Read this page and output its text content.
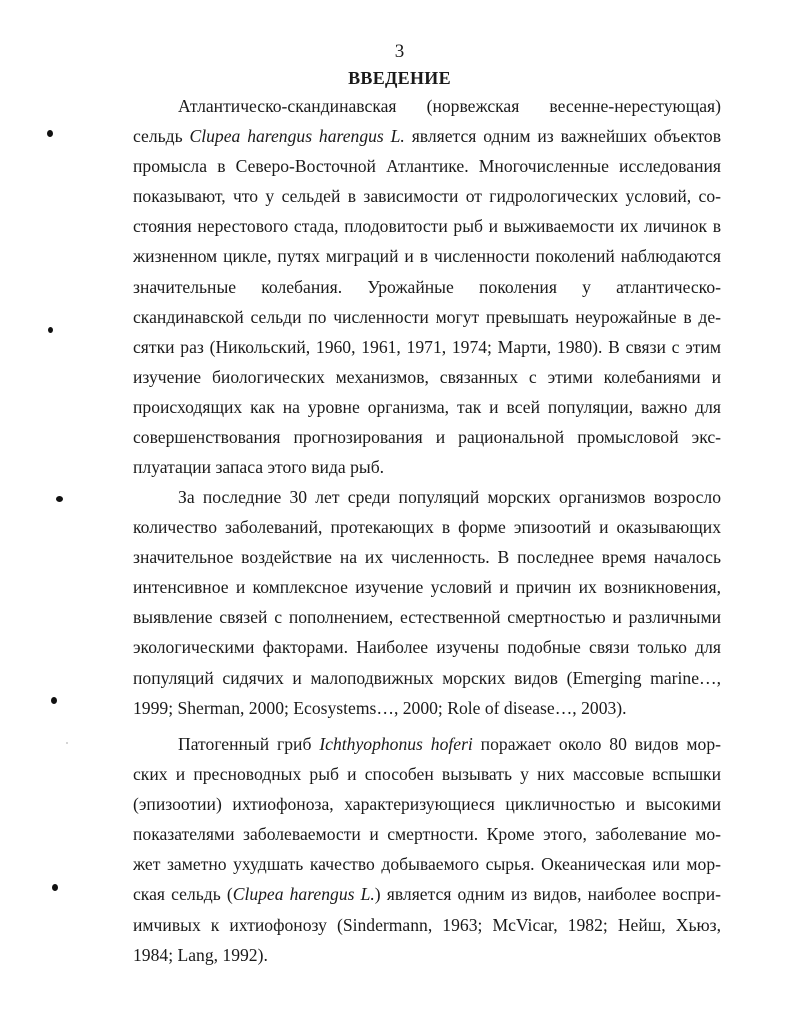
3
ВВЕДЕНИЕ
Атлантическо-скандинавская (норвежская весенне-нерестующая)
сельдь Clupea harengus harengus L. является одним из важнейших объектов
промысла в Северо-Восточной Атлантике. Многочисленные исследования
показывают, что у сельдей в зависимости от гидрологических условий, со-
стояния нерестового стада, плодовитости рыб и выживаемости их личинок в
жизненном цикле, путях миграций и в численности поколений наблюдаются
значительные колебания. Урожайные поколения у атлантическо-
скандинавской сельди по численности могут превышать неурожайные в де-
сятки раз (Никольский, 1960, 1961, 1971, 1974; Марти, 1980). В связи с этим
изучение биологических механизмов, связанных с этими колебаниями и
происходящих как на уровне организма, так и всей популяции, важно для
совершенствования прогнозирования и рациональной промысловой экс-
плуатации запаса этого вида рыб.
За последние 30 лет среди популяций морских организмов возросло
количество заболеваний, протекающих в форме эпизоотий и оказывающих
значительное воздействие на их численность. В последнее время началось
интенсивное и комплексное изучение условий и причин их возникновения,
выявление связей с пополнением, естественной смертностью и различными
экологическими факторами. Наиболее изучены подобные связи только для
популяций сидячих и малоподвижных морских видов (Emerging marine…,
1999; Sherman, 2000; Ecosystems…, 2000; Role of disease…, 2003).
Патогенный гриб Ichthyophonus hoferi поражает около 80 видов мор-
ских и пресноводных рыб и способен вызывать у них массовые вспышки
(эпизоотии) ихтиофоноза, характеризующиеся цикличностью и высокими
показателями заболеваемости и смертности. Кроме этого, заболевание мо-
жет заметно ухудшать качество добываемого сырья. Океаническая или мор-
ская сельдь (Clupea harengus L.) является одним из видов, наиболее воспри-
имчивых к ихтиофонозу (Sindermann, 1963; McVicar, 1982; Нейш, Хьюз,
1984; Lang, 1992).
